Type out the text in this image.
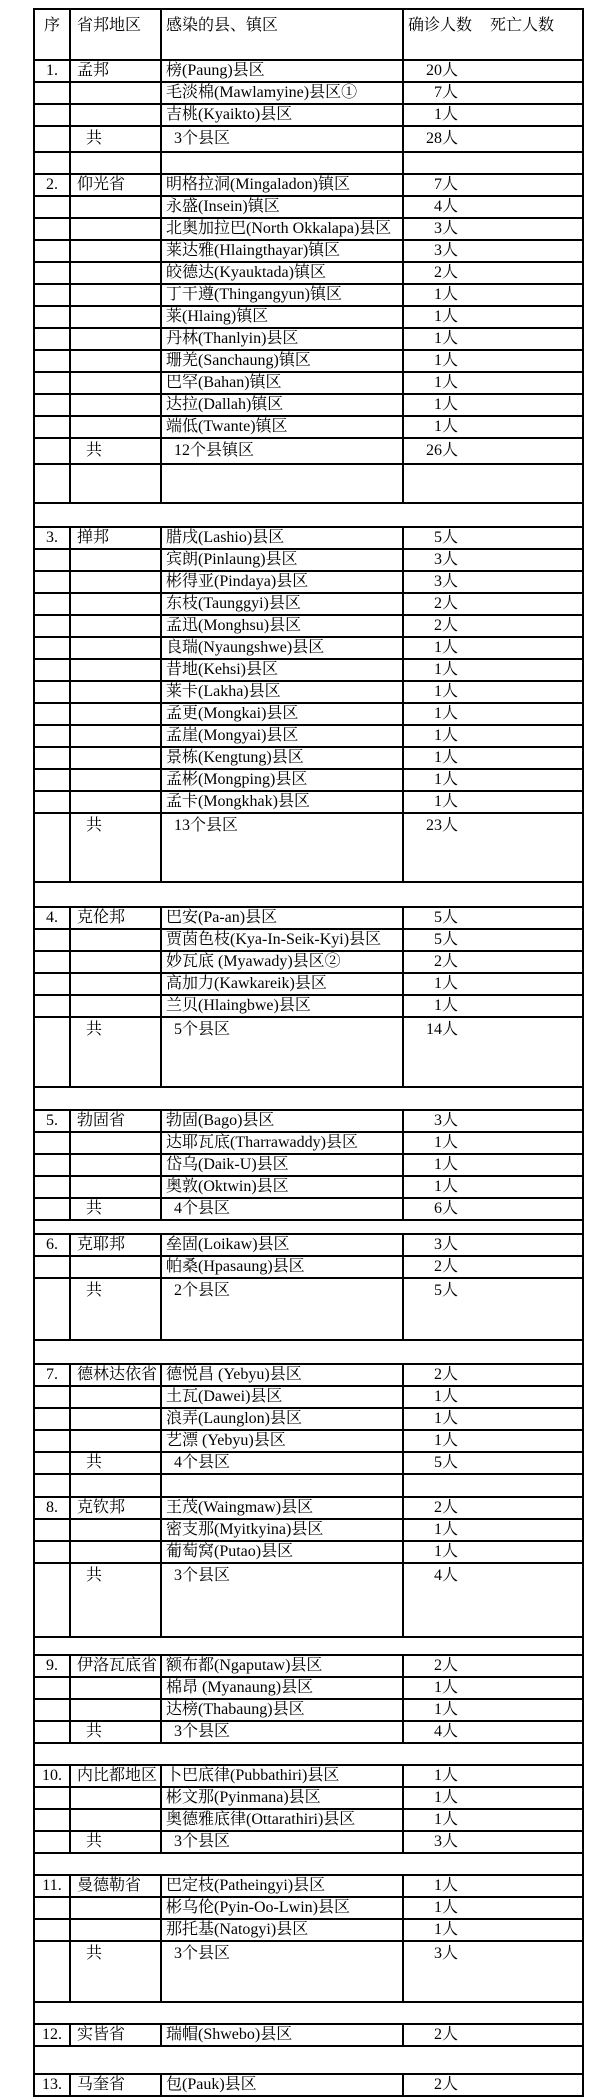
序	省邦地区	感染的县、镇区	确诊人数 死亡人数
1.	孟邦	榜(Paung)县区	20人
		毛淡棉(Mawlamyine)县区①	7人
		吉桃(Kyaikto)县区	1人
	共	3个县区	28人

2.	仰光省	明格拉洞(Mingaladon)镇区	7人
		永盛(Insein)镇区	4人
		北奥加拉巴(North Okkalapa)县区	3人
		莱达雅(Hlaingthayar)镇区	3人
		皎德达(Kyauktada)镇区	2人
		丁干遵(Thingangyun)镇区	1人
		莱(Hlaing)镇区	1人
		丹林(Thanlyin)县区	1人
		珊羌(Sanchaung)镇区	1人
		巴罕(Bahan)镇区	1人
		达拉(Dallah)镇区	1人
		端低(Twante)镇区	1人
	共	12个县镇区	26人

3.	掸邦	腊戌(Lashio)县区	5人
		宾朗(Pinlaung)县区	3人
		彬得亚(Pindaya)县区	3人
		东枝(Taunggyi)县区	2人
		孟迅(Monghsu)县区	2人
		良瑞(Nyaungshwe)县区	1人
		昔地(Kehsi)县区	1人
		莱卡(Lakha)县区	1人
		孟更(Mongkai)县区	1人
		孟崖(Mongyai)县区	1人
		景栋(Kengtung)县区	1人
		孟彬(Mongping)县区	1人
		孟卡(Mongkhak)县区	1人
	共	13个县区	23人

4.	克伦邦	巴安(Pa-an)县区	5人
		贾茵色枝(Kya-In-Seik-Kyi)县区	5人
		妙瓦底 (Myawady)县区②	2人
		高加力(Kawkareik)县区	1人
		兰贝(Hlaingbwe)县区	1人
	共	5个县区	14人

5.	勃固省	勃固(Bago)县区	3人
		达耶瓦底(Tharrawaddy)县区	1人
		岱乌(Daik-U)县区	1人
		奥敦(Oktwin)县区	1人
	共	4个县区	6人

6.	克耶邦	垒固(Loikaw)县区	3人
		帕桑(Hpasaung)县区	2人
	共	2个县区	5人

7.	德林达依省	德悦昌 (Yebyu)县区	2人
		土瓦(Dawei)县区	1人
		浪弄(Launglon)县区	1人
		艺漂 (Yebyu)县区	1人
	共	4个县区	5人

8.	克钦邦	王茂(Waingmaw)县区	2人
		密支那(Myitkyina)县区	1人
		葡萄窝(Putao)县区	1人
	共	3个县区	4人

9.	伊洛瓦底省	额布都(Ngaputaw)县区	2人
		棉昂 (Myanaung)县区	1人
		达榜(Thabaung)县区	1人
	共	3个县区	4人

10.	内比都地区	卜巴底律(Pubbathiri)县区	1人
		彬文那(Pyinmana)县区	1人
		奥德雅底律(Ottarathiri)县区	1人
	共	3个县区	3人

11.	曼德勒省	巴定枝(Patheingyi)县区	1人
		彬乌伦(Pyin-Oo-Lwin)县区	1人
		那托基(Natogyi)县区	1人
	共	3个县区	3人

12.	实皆省	瑞帽(Shwebo)县区	2人

13.	马奎省	包(Pauk)县区	2人
